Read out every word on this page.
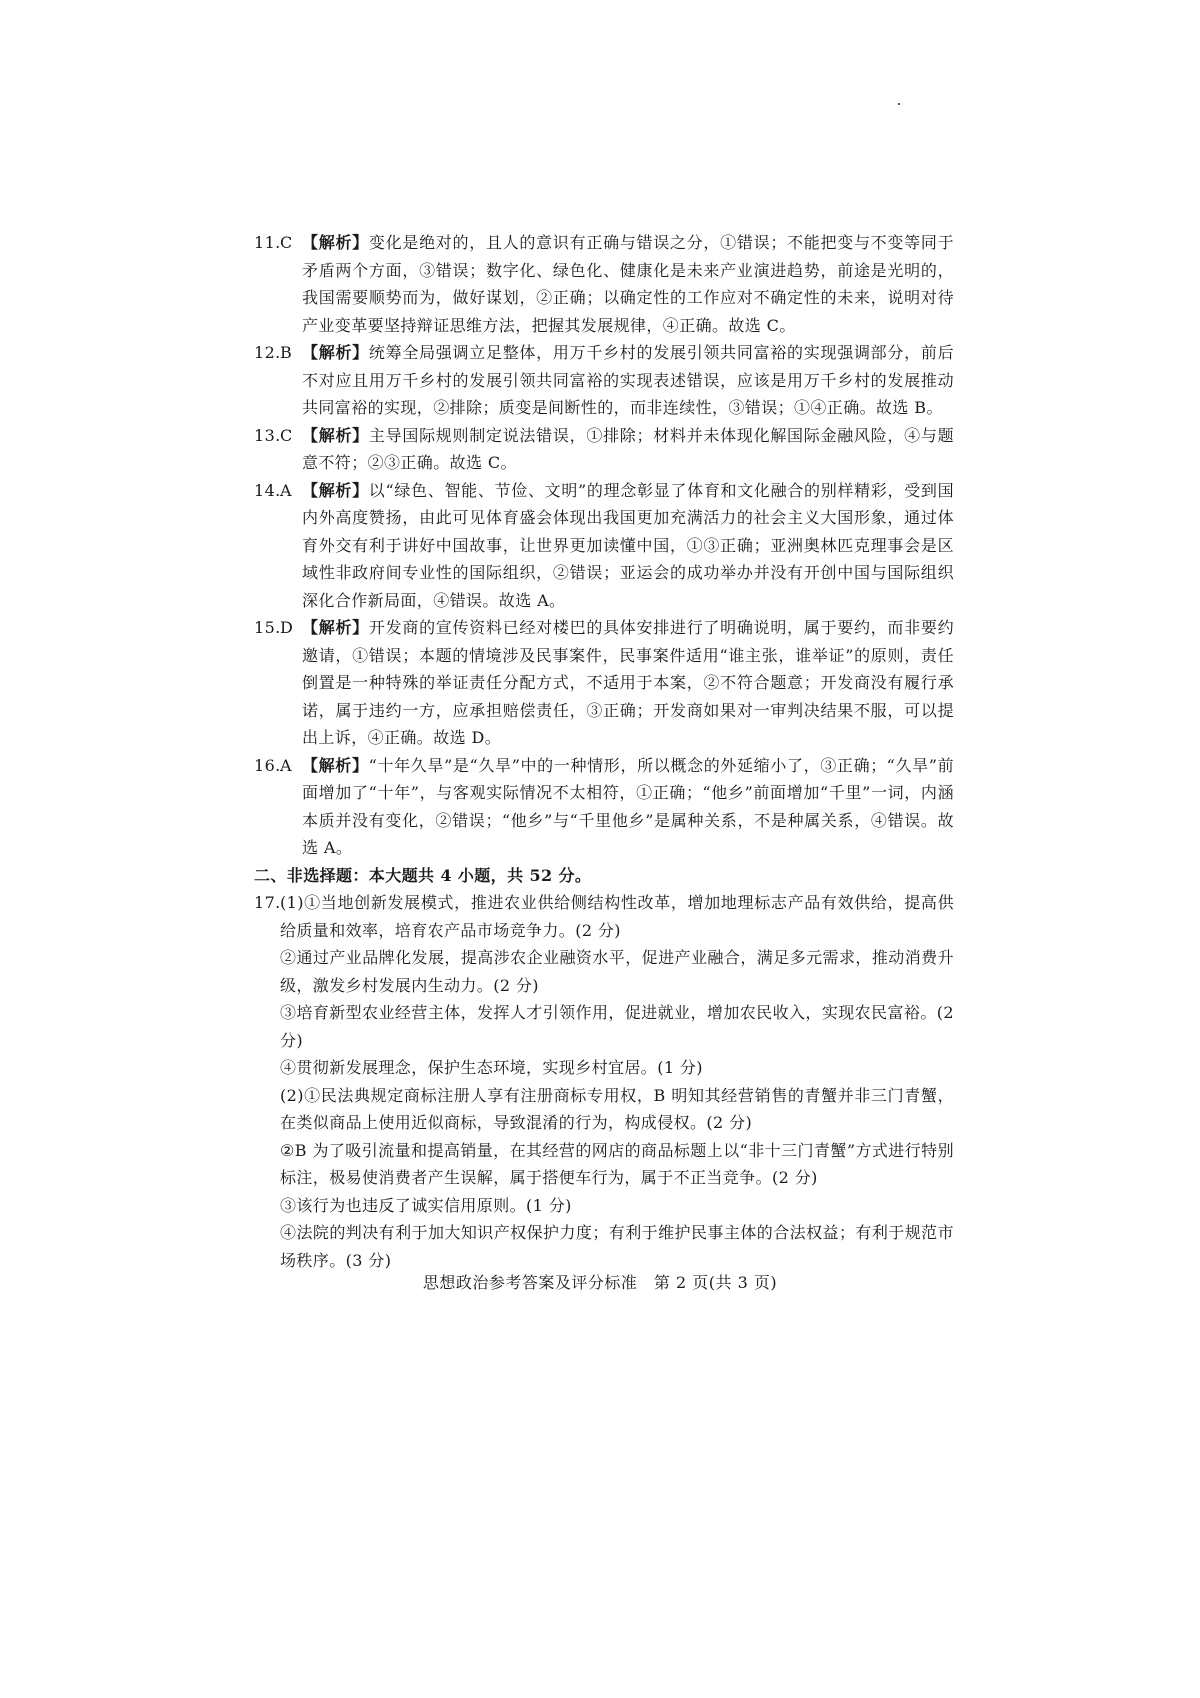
11. C 【解析】变化是绝对的，且人的意识有正确与错误之分，①错误；不能把变与不变等同于矛盾两个方面，③错误；数字化、绿色化、健康化是未来产业演进趋势，前途是光明的，我国需要顺势而为，做好谋划，②正确；以确定性的工作应对不确定性的未来，说明对待产业变革要坚持辩证思维方法，把握其发展规律，④正确。故选 C。
12. B 【解析】统筹全局强调立足整体，用万千乡村的发展引领共同富裕的实现强调部分，前后不对应且用万千乡村的发展引领共同富裕的实现表述错误，应该是用万千乡村的发展推动共同富裕的实现，②排除；质变是间断性的，而非连续性，③错误；①④正确。故选 B。
13. C 【解析】主导国际规则制定说法错误，①排除；材料并未体现化解国际金融风险，④与题意不符；②③正确。故选 C。
14. A 【解析】以“绿色、智能、节俭、文明”的理念彰显了体育和文化融合的别样精彩，受到国内外高度赞扬，由此可见体育盛会体现出我国更加充满活力的社会主义大国形象，通过体育外交有利于讲好中国故事，让世界更加读懂中国，①③正确；亚洲奥林匹克理事会是区域性非政府间专业性的国际组织，②错误；亚运会的成功举办并没有开创中国与国际组织深化合作新局面，④错误。故选 A。
15. D 【解析】开发商的宣传资料已经对楼巴的具体安排进行了明确说明，属于要约，而非要约邀请，①错误；本题的情境涉及民事案件，民事案件适用“谁主张，谁举证”的原则，责任倒置是一种特殊的举证责任分配方式，不适用于本案，②不符合题意；开发商没有履行承诺，属于违约一方，应承担赔偿责任，③正确；开发商如果对一审判决结果不服，可以提出上诉，④正确。故选 D。
16. A 【解析】“十年久旱”是“久旱”中的一种情形，所以概念的外延缩小了，③正确；“久旱”前面增加了“十年”，与客观实际情况不太相符，①正确；“他乡”前面增加“千里”一词，内涵本质并没有变化，②错误；“他乡”与“千里他乡”是属种关系，不是种属关系，④错误。故选 A。
二、非选择题：本大题共 4 小题，共 52 分。
17. (1)①当地创新发展模式，推进农业供给侧结构性改革，增加地理标志产品有效供给，提高供给质量和效率，培育农产品市场竞争力。(2 分)
②通过产业品牌化发展，提高涉农企业融资水平，促进产业融合，满足多元需求，推动消费升级，激发乡村发展内生动力。(2 分)
③培育新型农业经营主体，发挥人才引领作用，促进就业，增加农民收入，实现农民富裕。(2 分)
④贯彻新发展理念，保护生态环境，实现乡村宜居。(1 分)
(2)①民法典规定商标注册人享有注册商标专用权，B 明知其经营销售的青蟹并非三门青蟹，在类似商品上使用近似商标，导致混淆的行为，构成侵权。(2 分)
②B 为了吸引流量和提高销量，在其经营的网店的商品标题上以“非十三门青蟹”方式进行特别标注，极易使消费者产生误解，属于搭便车行为，属于不正当竞争。(2 分)
③该行为也违反了诚实信用原则。(1 分)
④法院的判决有利于加大知识产权保护力度；有利于维护民事主体的合法权益；有利于规范市场秩序。(3 分)
思想政治参考答案及评分标准　第 2 页(共 3 页)
